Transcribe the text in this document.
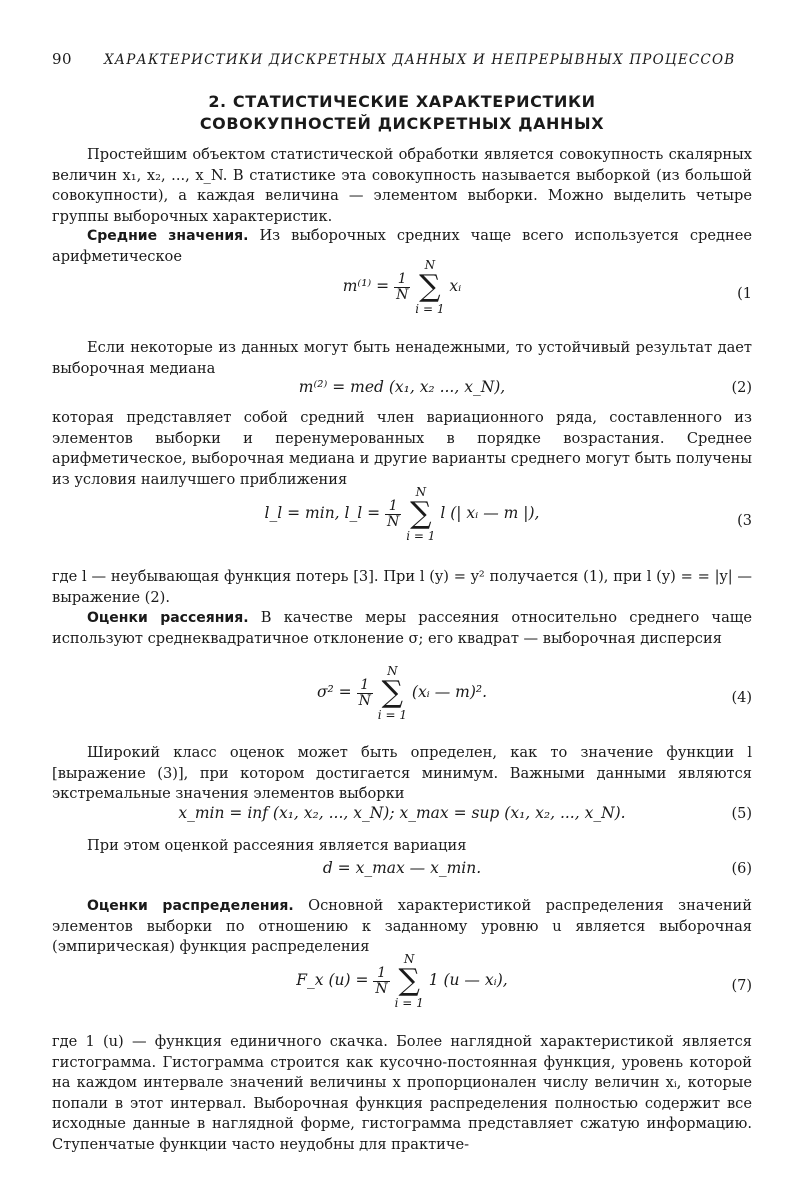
90 ХАРАКТЕРИСТИКИ ДИСКРЕТНЫХ ДАННЫХ И НЕПРЕРЫВНЫХ ПРОЦЕССОВ
2. СТАТИСТИЧЕСКИЕ ХАРАКТЕРИСТИКИ
СОВОКУПНОСТЕЙ ДИСКРЕТНЫХ ДАННЫХ
Простейшим объектом статистической обработки является совокупность скалярных величин x₁, x₂, ..., x_N. В статистике эта совокупность называется выборкой (из большой совокупности), а каждая величина — элементом выборки. Можно выделить четыре группы выборочных характеристик.
Средние значения. Из выборочных средних чаще всего используется среднее арифметическое
$m^{(1)} = \frac{1}{N}$

N
∑
i = 1
xᵢ	(1
Если некоторые из данных могут быть ненадежными, то устойчивый результат дает выборочная медиана
m⁽²⁾ = med (x₁, x₂ ..., x_N),	(2)
которая представляет собой средний член вариационного ряда, составленного из элементов выборки и перенумерованных в порядке возрастания. Среднее арифметическое, выборочная медиана и другие варианты среднего могут быть получены из условия наилучшего приближения
l_l = min, l_l = $\frac{1}{N}$

N
∑
i = 1
l (| xᵢ — m |),	(3
где l — неубывающая функция потерь [3]. При l (y) = y² получается (1), при l (y) = = |y| — выражение (2).
Оценки рассеяния. В качестве меры рассеяния относительно среднего чаще используют среднеквадратичное отклонение σ; его квадрат — выборочная дисперсия
$\sigma^2 = \frac{1}{N}$

N
∑
i = 1
(xᵢ — m)².	(4)
Широкий класс оценок может быть определен, как то значение функции l [выражение (3)], при котором достигается минимум. Важными данными являются экстремальные значения элементов выборки
x_min = inf (x₁, x₂, ..., x_N); x_max = sup (x₁, x₂, ..., x_N).	(5)
При этом оценкой рассеяния является вариация
d = x_max — x_min.	(6)
Оценки распределения. Основной характеристикой распределения значений элементов выборки по отношению к заданному уровню u является выборочная (эмпирическая) функция распределения
F_x $(u) = \frac{1}{N}$

N
∑
i = 1
1 (u — xᵢ),	(7)
где 1 (u) — функция единичного скачка. Более наглядной характеристикой является гистограмма. Гистограмма строится как кусочно-постоянная функция, уровень которой на каждом интервале значений величины x пропорционален числу величин xᵢ, которые попали в этот интервал. Выборочная функция распределения полностью содержит все исходные данные в наглядной форме, гистограмма представляет сжатую информацию. Ступенчатые функции часто неудобны для практиче-
